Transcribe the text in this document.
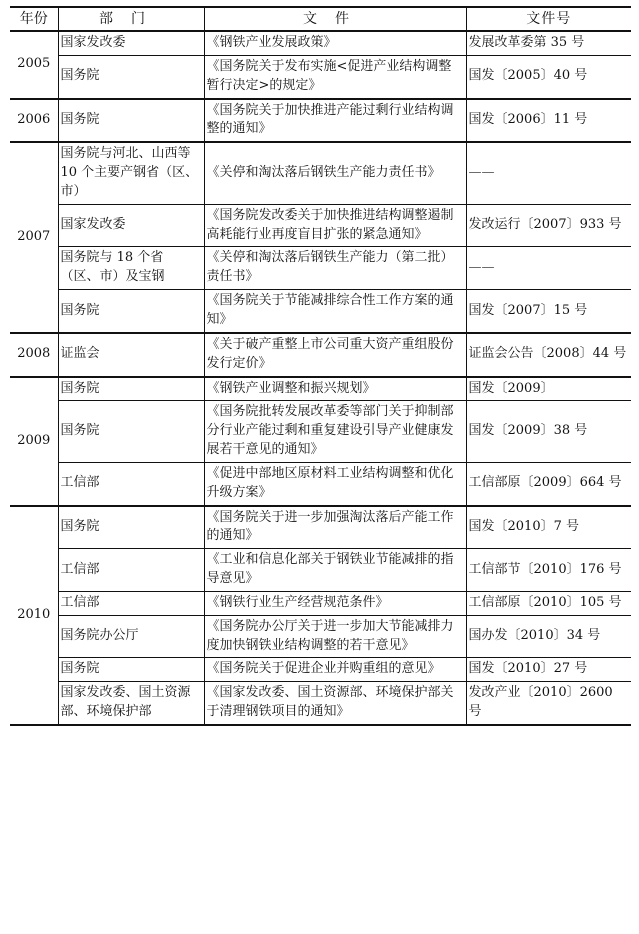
年份	部门	文件	文件号
2005	国家发改委	《钢铁产业发展政策》	发展改革委第 35 号
	国务院	《国务院关于发布实施<促进产业结构调整暂行决定>的规定》	国发〔2005〕40 号
2006	国务院	《国务院关于加快推进产能过剩行业结构调整的通知》	国发〔2006〕11 号
2007	国务院与河北、山西等 10 个主要产钢省（区、市）	《关停和淘汰落后钢铁生产能力责任书》	——
	国家发改委	《国务院发改委关于加快推进结构调整遏制高耗能行业再度盲目扩张的紧急通知》	发改运行〔2007〕933 号
	国务院与 18 个省（区、市）及宝钢	《关停和淘汰落后钢铁生产能力（第二批）责任书》	——
	国务院	《国务院关于节能减排综合性工作方案的通知》	国发〔2007〕15 号
2008	证监会	《关于破产重整上市公司重大资产重组股份发行定价》	证监会公告〔2008〕44 号
2009	国务院	《钢铁产业调整和振兴规划》	国发〔2009〕
	国务院	《国务院批转发展改革委等部门关于抑制部分行业产能过剩和重复建设引导产业健康发展若干意见的通知》	国发〔2009〕38 号
	工信部	《促进中部地区原材料工业结构调整和优化升级方案》	工信部原〔2009〕664 号
2010	国务院	《国务院关于进一步加强淘汰落后产能工作的通知》	国发〔2010〕7 号
	工信部	《工业和信息化部关于钢铁业节能减排的指导意见》	工信部节〔2010〕176 号
	工信部	《钢铁行业生产经营规范条件》	工信部原〔2010〕105 号
	国务院办公厅	《国务院办公厅关于进一步加大节能减排力度加快钢铁业结构调整的若干意见》	国办发〔2010〕34 号
	国务院	《国务院关于促进企业并购重组的意见》	国发〔2010〕27 号
	国家发改委、国土资源部、环境保护部	《国家发改委、国土资源部、环境保护部关于清理钢铁项目的通知》	发改产业〔2010〕2600 号
